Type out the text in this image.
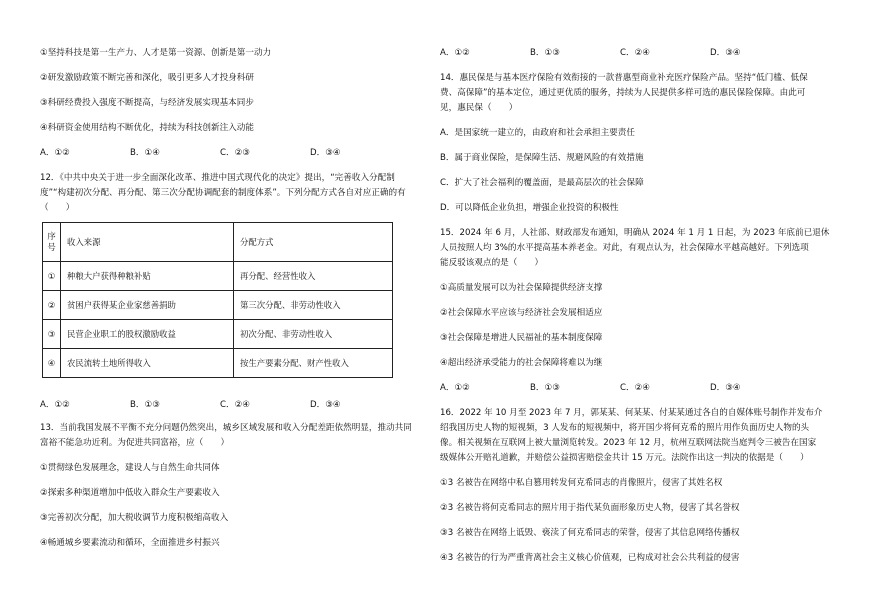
①坚持科技是第一生产力、人才是第一资源、创新是第一动力
②研发激励政策不断完善和深化，吸引更多人才投身科研
③科研经费投入强度不断提高，与经济发展实现基本同步
④科研资金使用结构不断优化，持续为科技创新注入动能
A．①②	B．①④	C．②③	D．③④
12．《中共中央关于进一步全面深化改革、推进中国式现代化的决定》提出，“完善收入分配制
度”“构建初次分配、再分配、第三次分配协调配套的制度体系”。下列分配方式各自对应正确的有
（　　）
序号	收入来源	分配方式
①	种粮大户获得种粮补贴	再分配、经营性收入
②	贫困户获得某企业家慈善捐助	第三次分配、非劳动性收入
③	民营企业职工的股权激励收益	初次分配、非劳动性收入
④	农民流转土地所得收入	按生产要素分配、财产性收入
A．①②	B．①③	C．②④	D．③④
13．当前我国发展不平衡不充分问题仍然突出，城乡区域发展和收入分配差距依然明显，推动共同
富裕不能急功近利。为促进共同富裕，应（　　）
①贯彻绿色发展理念，建设人与自然生命共同体
②探索多种渠道增加中低收入群众生产要素收入
③完善初次分配，加大税收调节力度积极缩高收入
④畅通城乡要素流动和循环，全面推进乡村振兴
A．①②	B．①③	C．②④	D．③④
14．惠民保是与基本医疗保险有效衔接的一款普惠型商业补充医疗保险产品。坚持“低门槛、低保
费、高保障”的基本定位，通过更优质的服务，持续为人民提供多样可选的惠民保险保障。由此可
见，惠民保（　　）
A．是国家统一建立的，由政府和社会承担主要责任
B．属于商业保险，是保障生活、规避风险的有效措施
C．扩大了社会福利的覆盖面，是最高层次的社会保障
D．可以降低企业负担，增强企业投资的积极性
15．2024 年 6 月，人社部、财政部发布通知，明确从 2024 年 1 月 1 日起，为 2023 年底前已退休
人员按照人均 3%的水平提高基本养老金。对此，有观点认为，社会保障水平越高越好。下列选项
能反驳该观点的是（　　）
①高质量发展可以为社会保障提供经济支撑
②社会保障水平应该与经济社会发展相适应
③社会保障是增进人民福祉的基本制度保障
④超出经济承受能力的社会保障将难以为继
A．①②	B．①③	C．②④	D．③④
16．2022 年 10 月至 2023 年 7 月，郭某某、何某某、付某某通过各自的自媒体账号制作并发布介
绍我国历史人物的短视频，3 人发布的短视频中，将开国少将何克希的照片用作负面历史人物的头
像。相关视频在互联网上被大量浏览转发。2023 年 12 月，杭州互联网法院当庭判令三被告在国家
级媒体公开赔礼道歉，并赔偿公益损害赔偿金共计 15 万元。法院作出这一判决的依据是（　　）
①3 名被告在网络中私自篡用转发何克希同志的肖像照片，侵害了其姓名权
②3 名被告将何克希同志的照片用于指代某负面形象历史人物，侵害了其名誉权
③3 名被告在网络上诋毁、亵渎了何克希同志的荣誉，侵害了其信息网络传播权
④3 名被告的行为严重背离社会主义核心价值观，已构成对社会公共利益的侵害
